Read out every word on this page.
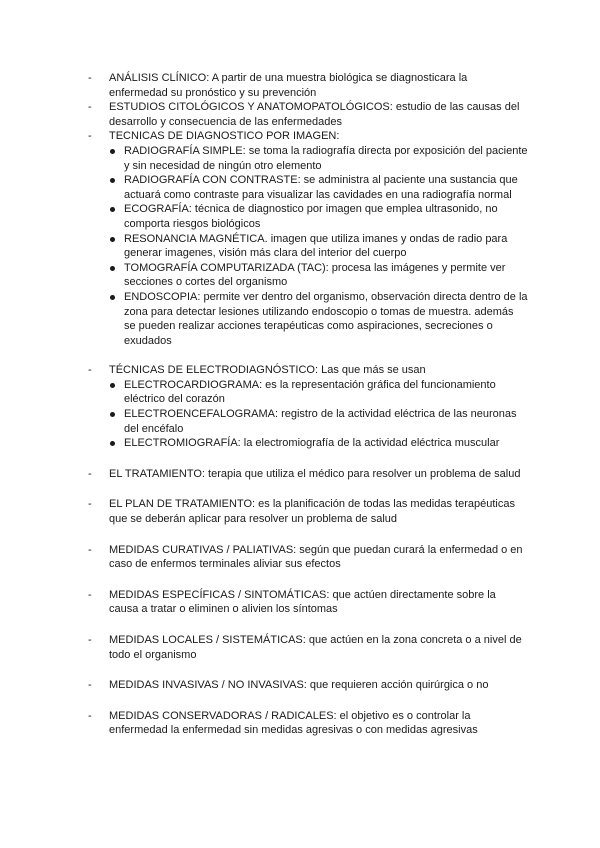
-	ANÁLISIS CLÍNICO: A partir de una muestra biológica se diagnosticara la enfermedad su pronóstico y su prevención
-	ESTUDIOS CITOLÓGICOS Y ANATOMOPATOLÓGICOS: estudio de las causas del desarrollo y consecuencia de las enfermedades
-	TECNICAS DE DIAGNOSTICO POR IMAGEN:
RADIOGRAFÍA SIMPLE: se toma la radiografía directa por exposición del paciente y sin necesidad de ningún otro elemento
RADIOGRAFÍA CON CONTRASTE: se administra al paciente una sustancia que actuará como contraste para visualizar las cavidades en una radiografía normal
ECOGRAFÍA: técnica de diagnostico por imagen que emplea ultrasonido, no comporta riesgos biológicos
RESONANCIA MAGNÉTICA. imagen que utiliza imanes y ondas de radio para generar imagenes, visión más clara del interior del cuerpo
TOMOGRAFÍA COMPUTARIZADA (TAC): procesa las imágenes y permite ver secciones o cortes del organismo
ENDOSCOPIA: permite ver dentro del organismo, observación directa dentro de la zona para detectar lesiones utilizando endoscopio o tomas de muestra. además se pueden realizar acciones terapéuticas como aspiraciones, secreciones o exudados
-	TÉCNICAS DE ELECTRODIAGNÓSTICO: Las que más se usan
ELECTROCARDIOGRAMA: es la representación gráfica del funcionamiento eléctrico del corazón
ELECTROENCEFALOGRAMA: registro de la actividad eléctrica de las neuronas del encéfalo
ELECTROMIOGRAFÍA: la electromiografía de la actividad eléctrica muscular
-	EL TRATAMIENTO: terapia que utiliza el médico para resolver un problema de salud
-	EL PLAN DE TRATAMIENTO: es la planificación de todas las medidas terapéuticas que se deberán aplicar para resolver un problema de salud
-	MEDIDAS CURATIVAS / PALIATIVAS: según que puedan curará la enfermedad o en caso de enfermos terminales aliviar sus efectos
-	MEDIDAS ESPECÍFICAS / SINTOMÁTICAS: que actúen directamente sobre la causa a tratar o eliminen o alivien los síntomas
-	MEDIDAS LOCALES / SISTEMÁTICAS: que actúen en la zona concreta o a nivel de todo el organismo
-	MEDIDAS INVASIVAS / NO INVASIVAS: que requieren acción quirúrgica o no
-	MEDIDAS CONSERVADORAS / RADICALES: el objetivo es o controlar la enfermedad la enfermedad sin medidas agresivas o con medidas agresivas
